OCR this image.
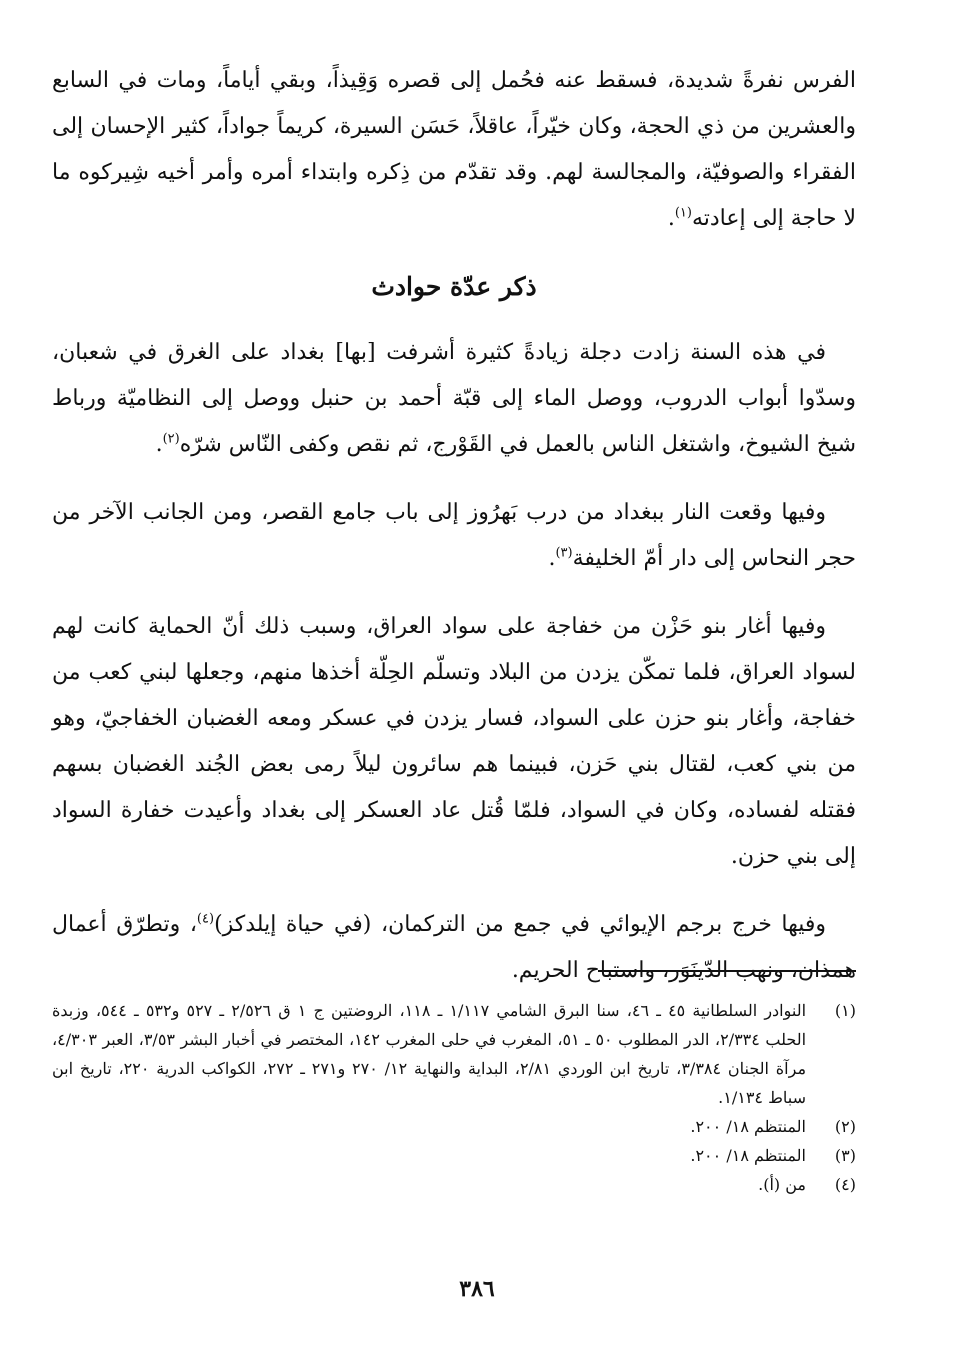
الفرس نفرةً شديدة، فسقط عنه فحُمل إلى قصره وَقِيذاً، وبقي أياماً، ومات في السابع والعشرين من ذي الحجة، وكان خيّراً، عاقلاً، حَسَن السيرة، كريماً جواداً، كثير الإحسان إلى الفقراء والصوفيّة، والمجالسة لهم. وقد تقدّم من ذِكره وابتداء أمره وأمر أخيه شِيركوه ما لا حاجة إلى إعادته$^{(١)}$.

ذكر عدّة حوادث

في هذه السنة زادت دجلة زيادةً كثيرة أشرفت [بها] بغداد على الغرق في شعبان، وسدّوا أبواب الدروب، ووصل الماء إلى قبّة أحمد بن حنبل ووصل إلى النظاميّة ورباط شيخ الشيوخ، واشتغل الناس بالعمل في القَوْرج، ثم نقص وكفى النّاس شرّه$^{(٢)}$.

وفيها وقعت النار ببغداد من درب بَهرُوز إلى باب جامع القصر، ومن الجانب الآخر من حجر النحاس إلى دار أمّ الخليفة$^{(٣)}$.

وفيها أغار بنو حَزْن من خفاجة على سواد العراق، وسبب ذلك أنّ الحماية كانت لهم لسواد العراق، فلما تمكّن يزدن من البلاد وتسلّم الحِلّة أخذها منهم، وجعلها لبني كعب من خفاجة، وأغار بنو حزن على السواد، فسار يزدن في عسكر ومعه الغضبان الخفاجيّ، وهو من بني كعب، لقتال بني حَزن، فبينما هم سائرون ليلاً رمى بعض الجُند الغضبان بسهم فقتله لفساده، وكان في السواد، فلمّا قُتل عاد العسكر إلى بغداد وأعيدت خفارة السواد إلى بني حزن.

وفيها خرج برجم الإيوائي في جمع من التركمان، (في حياة إيلدكز)$^{(٤)}$، وتطرّق أعمال همذان، ونهب الدّينَوَر، واستباح الحريم.

(١)
النوادر السلطانية ٤٥ ـ ٤٦، سنا البرق الشامي ١/١١٧ ـ ١١٨، الروضتين ج ١ ق ٢/٥٢٦ ـ ٥٢٧ و٥٣٢ ـ ٥٤٤، وزبدة الحلب ٢/٣٣٤، الدر المطلوب ٥٠ ـ ٥١، المغرب في حلى المغرب ١٤٢، المختصر في أخبار البشر ٣/٥٣، العبر ٤/٣٠٣، مرآة الجنان ٣/٣٨٤، تاريخ ابن الوردي ٢/٨١، البداية والنهاية ١٢/ ٢٧٠ و٢٧١ ـ ٢٧٢، الكواكب الدرية ٢٢٠، تاريخ ابن سباط ١/١٣٤.
(٢)
المنتظم ١٨/ ٢٠٠.
(٣)
المنتظم ١٨/ ٢٠٠.
(٤)
من (أ).
٣٨٦
